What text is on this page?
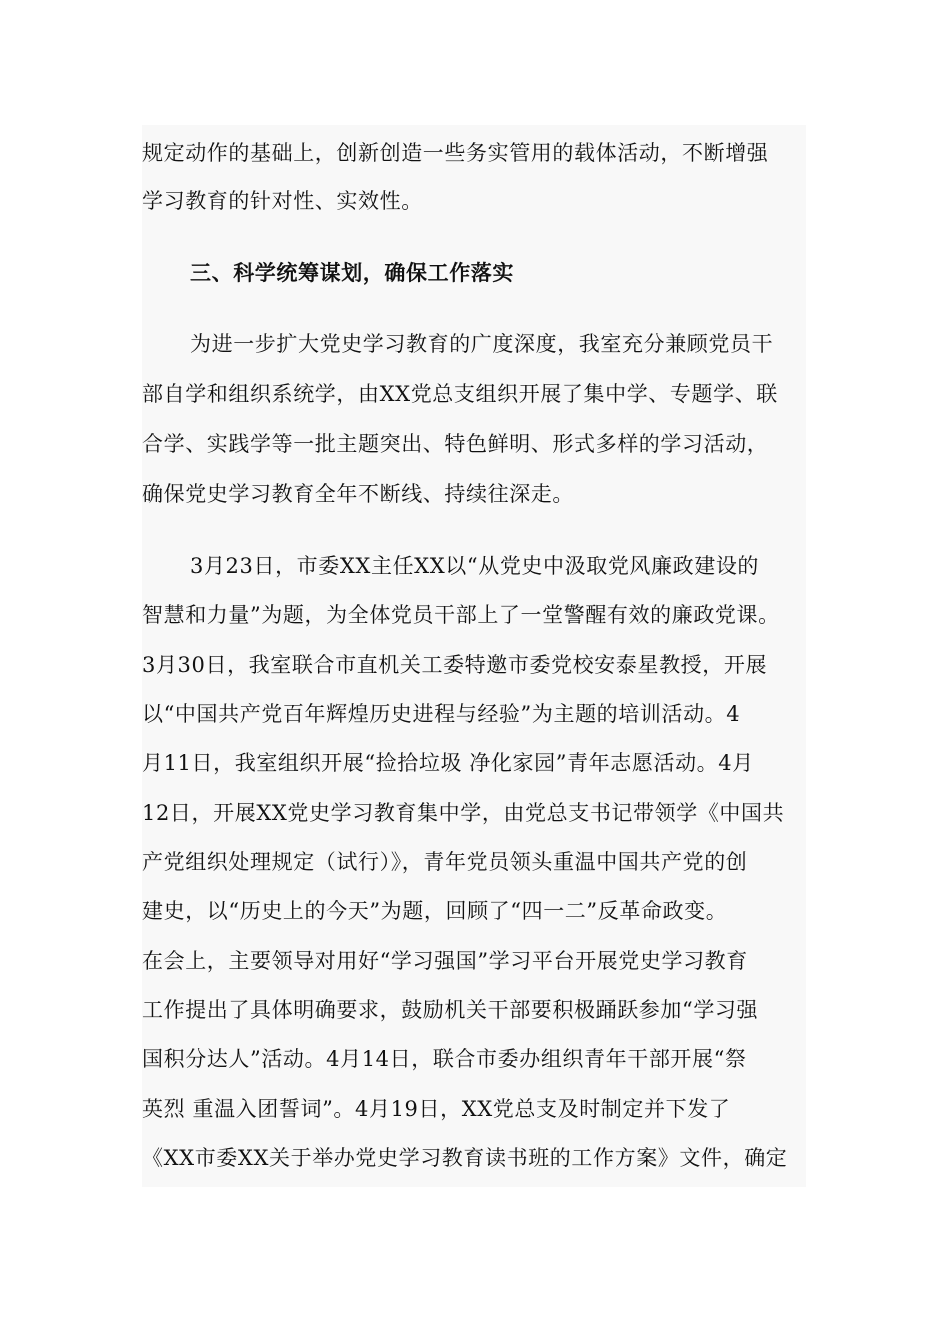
规定动作的基础上，创新创造一些务实管用的载体活动，不断增强
学习教育的针对性、实效性。
三、科学统筹谋划，确保工作落实
为进一步扩大党史学习教育的广度深度，我室充分兼顾党员干
部自学和组织系统学，由XX党总支组织开展了集中学、专题学、联
合学、实践学等一批主题突出、特色鲜明、形式多样的学习活动，
确保党史学习教育全年不断线、持续往深走。
3月23日，市委XX主任XX以“从党史中汲取党风廉政建设的
智慧和力量”为题，为全体党员干部上了一堂警醒有效的廉政党课。
3月30日，我室联合市直机关工委特邀市委党校安泰星教授，开展
以“中国共产党百年辉煌历史进程与经验”为主题的培训活动。4
月11日，我室组织开展“捡拾垃圾 净化家园”青年志愿活动。4月
12日，开展XX党史学习教育集中学，由党总支书记带领学《中国共
产党组织处理规定（试行）》，青年党员领头重温中国共产党的创
建史，以“历史上的今天”为题，回顾了“四一二”反革命政变。
在会上，主要领导对用好“学习强国”学习平台开展党史学习教育
工作提出了具体明确要求，鼓励机关干部要积极踊跃参加“学习强
国积分达人”活动。4月14日，联合市委办组织青年干部开展“祭
英烈 重温入团誓词”。4月19日，XX党总支及时制定并下发了
《XX市委XX关于举办党史学习教育读书班的工作方案》文件，确定
